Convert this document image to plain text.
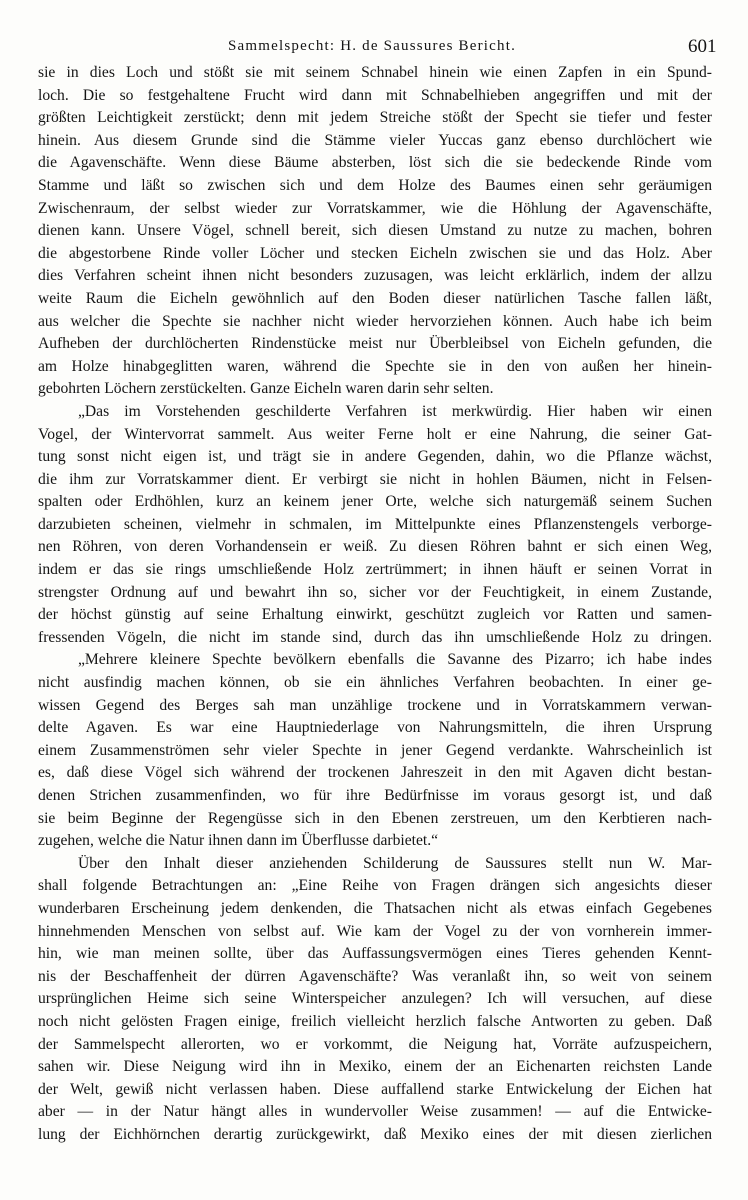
Sammelspecht: H. de Saussures Bericht.	601
sie in dies Loch und stößt sie mit seinem Schnabel hinein wie einen Zapfen in ein Spund-
loch. Die so festgehaltene Frucht wird dann mit Schnabelhieben angegriffen und mit der
größten Leichtigkeit zerstückt; denn mit jedem Streiche stößt der Specht sie tiefer und fester
hinein. Aus diesem Grunde sind die Stämme vieler Yuccas ganz ebenso durchlöchert wie
die Agavenschäfte. Wenn diese Bäume absterben, löst sich die sie bedeckende Rinde vom
Stamme und läßt so zwischen sich und dem Holze des Baumes einen sehr geräumigen
Zwischenraum, der selbst wieder zur Vorratskammer, wie die Höhlung der Agavenschäfte,
dienen kann. Unsere Vögel, schnell bereit, sich diesen Umstand zu nutze zu machen, bohren
die abgestorbene Rinde voller Löcher und stecken Eicheln zwischen sie und das Holz. Aber
dies Verfahren scheint ihnen nicht besonders zuzusagen, was leicht erklärlich, indem der allzu
weite Raum die Eicheln gewöhnlich auf den Boden dieser natürlichen Tasche fallen läßt,
aus welcher die Spechte sie nachher nicht wieder hervorziehen können. Auch habe ich beim
Aufheben der durchlöcherten Rindenstücke meist nur Überbleibsel von Eicheln gefunden, die
am Holze hinabgeglitten waren, während die Spechte sie in den von außen her hinein-
gebohrten Löchern zerstückelten. Ganze Eicheln waren darin sehr selten.
„Das im Vorstehenden geschilderte Verfahren ist merkwürdig. Hier haben wir einen
Vogel, der Wintervorrat sammelt. Aus weiter Ferne holt er eine Nahrung, die seiner Gat-
tung sonst nicht eigen ist, und trägt sie in andere Gegenden, dahin, wo die Pflanze wächst,
die ihm zur Vorratskammer dient. Er verbirgt sie nicht in hohlen Bäumen, nicht in Felsen-
spalten oder Erdhöhlen, kurz an keinem jener Orte, welche sich naturgemäß seinem Suchen
darzubieten scheinen, vielmehr in schmalen, im Mittelpunkte eines Pflanzenstengels verborge-
nen Röhren, von deren Vorhandensein er weiß. Zu diesen Röhren bahnt er sich einen Weg,
indem er das sie rings umschließende Holz zertrümmert; in ihnen häuft er seinen Vorrat in
strengster Ordnung auf und bewahrt ihn so, sicher vor der Feuchtigkeit, in einem Zustande,
der höchst günstig auf seine Erhaltung einwirkt, geschützt zugleich vor Ratten und samen-
fressenden Vögeln, die nicht im stande sind, durch das ihn umschließende Holz zu dringen.
„Mehrere kleinere Spechte bevölkern ebenfalls die Savanne des Pizarro; ich habe indes
nicht ausfindig machen können, ob sie ein ähnliches Verfahren beobachten. In einer ge-
wissen Gegend des Berges sah man unzählige trockene und in Vorratskammern verwan-
delte Agaven. Es war eine Hauptniederlage von Nahrungsmitteln, die ihren Ursprung
einem Zusammenströmen sehr vieler Spechte in jener Gegend verdankte. Wahrscheinlich ist
es, daß diese Vögel sich während der trockenen Jahreszeit in den mit Agaven dicht bestan-
denen Strichen zusammenfinden, wo für ihre Bedürfnisse im voraus gesorgt ist, und daß
sie beim Beginne der Regengüsse sich in den Ebenen zerstreuen, um den Kerbtieren nach-
zugehen, welche die Natur ihnen dann im Überflusse darbietet.“
Über den Inhalt dieser anziehenden Schilderung de Saussures stellt nun W. Mar-
shall folgende Betrachtungen an: „Eine Reihe von Fragen drängen sich angesichts dieser
wunderbaren Erscheinung jedem denkenden, die Thatsachen nicht als etwas einfach Gegebenes
hinnehmenden Menschen von selbst auf. Wie kam der Vogel zu der von vornherein immer-
hin, wie man meinen sollte, über das Auffassungsvermögen eines Tieres gehenden Kennt-
nis der Beschaffenheit der dürren Agavenschäfte? Was veranlaßt ihn, so weit von seinem
ursprünglichen Heime sich seine Winterspeicher anzulegen? Ich will versuchen, auf diese
noch nicht gelösten Fragen einige, freilich vielleicht herzlich falsche Antworten zu geben. Daß
der Sammelspecht allerorten, wo er vorkommt, die Neigung hat, Vorräte aufzuspeichern,
sahen wir. Diese Neigung wird ihn in Mexiko, einem der an Eichenarten reichsten Lande
der Welt, gewiß nicht verlassen haben. Diese auffallend starke Entwickelung der Eichen hat
aber — in der Natur hängt alles in wundervoller Weise zusammen! — auf die Entwicke-
lung der Eichhörnchen derartig zurückgewirkt, daß Mexiko eines der mit diesen zierlichen
